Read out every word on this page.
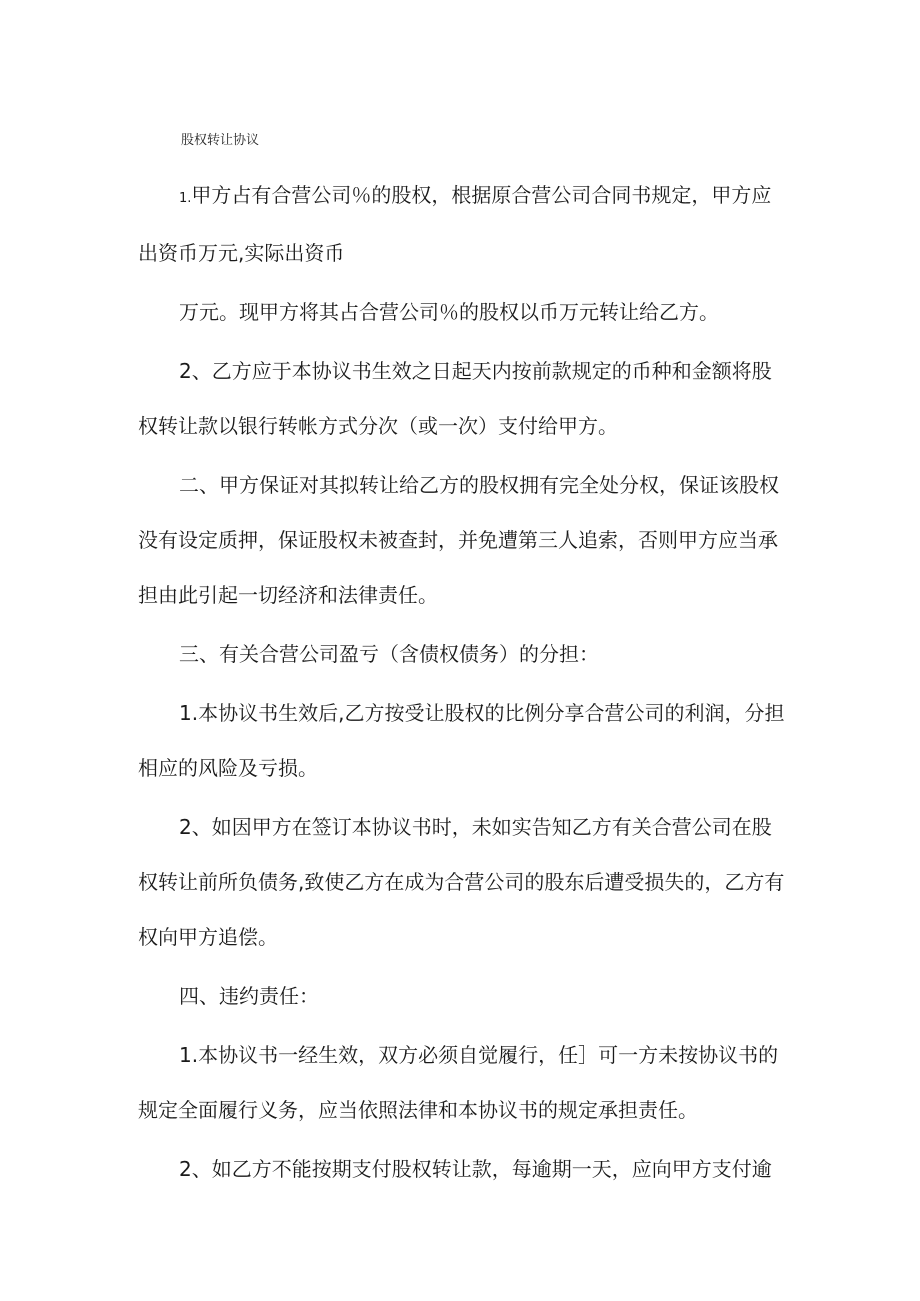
股权转让协议

1.甲方占有合营公司％的股权，根据原合营公司合同书规定，甲方应
出资币万元,实际出资币

万元。现甲方将其占合营公司％的股权以币万元转让给乙方。

2、乙方应于本协议书生效之日起天内按前款规定的币种和金额将股
权转让款以银行转帐方式分次（或一次）支付给甲方。

二、甲方保证对其拟转让给乙方的股权拥有完全处分权，保证该股权
没有设定质押，保证股权未被查封，并免遭第三人追索，否则甲方应当承
担由此引起一切经济和法律责任。

三、有关合营公司盈亏（含债权债务）的分担：

1.本协议书生效后,乙方按受让股权的比例分享合营公司的利润，分担
相应的风险及亏损。

2、如因甲方在签订本协议书时，未如实告知乙方有关合营公司在股
权转让前所负债务,致使乙方在成为合营公司的股东后遭受损失的，乙方有
权向甲方追偿。

四、违约责任：

1.本协议书一经生效，双方必须自觉履行，任］可一方未按协议书的
规定全面履行义务，应当依照法律和本协议书的规定承担责任。

2、如乙方不能按期支付股权转让款，每逾期一天，应向甲方支付逾
